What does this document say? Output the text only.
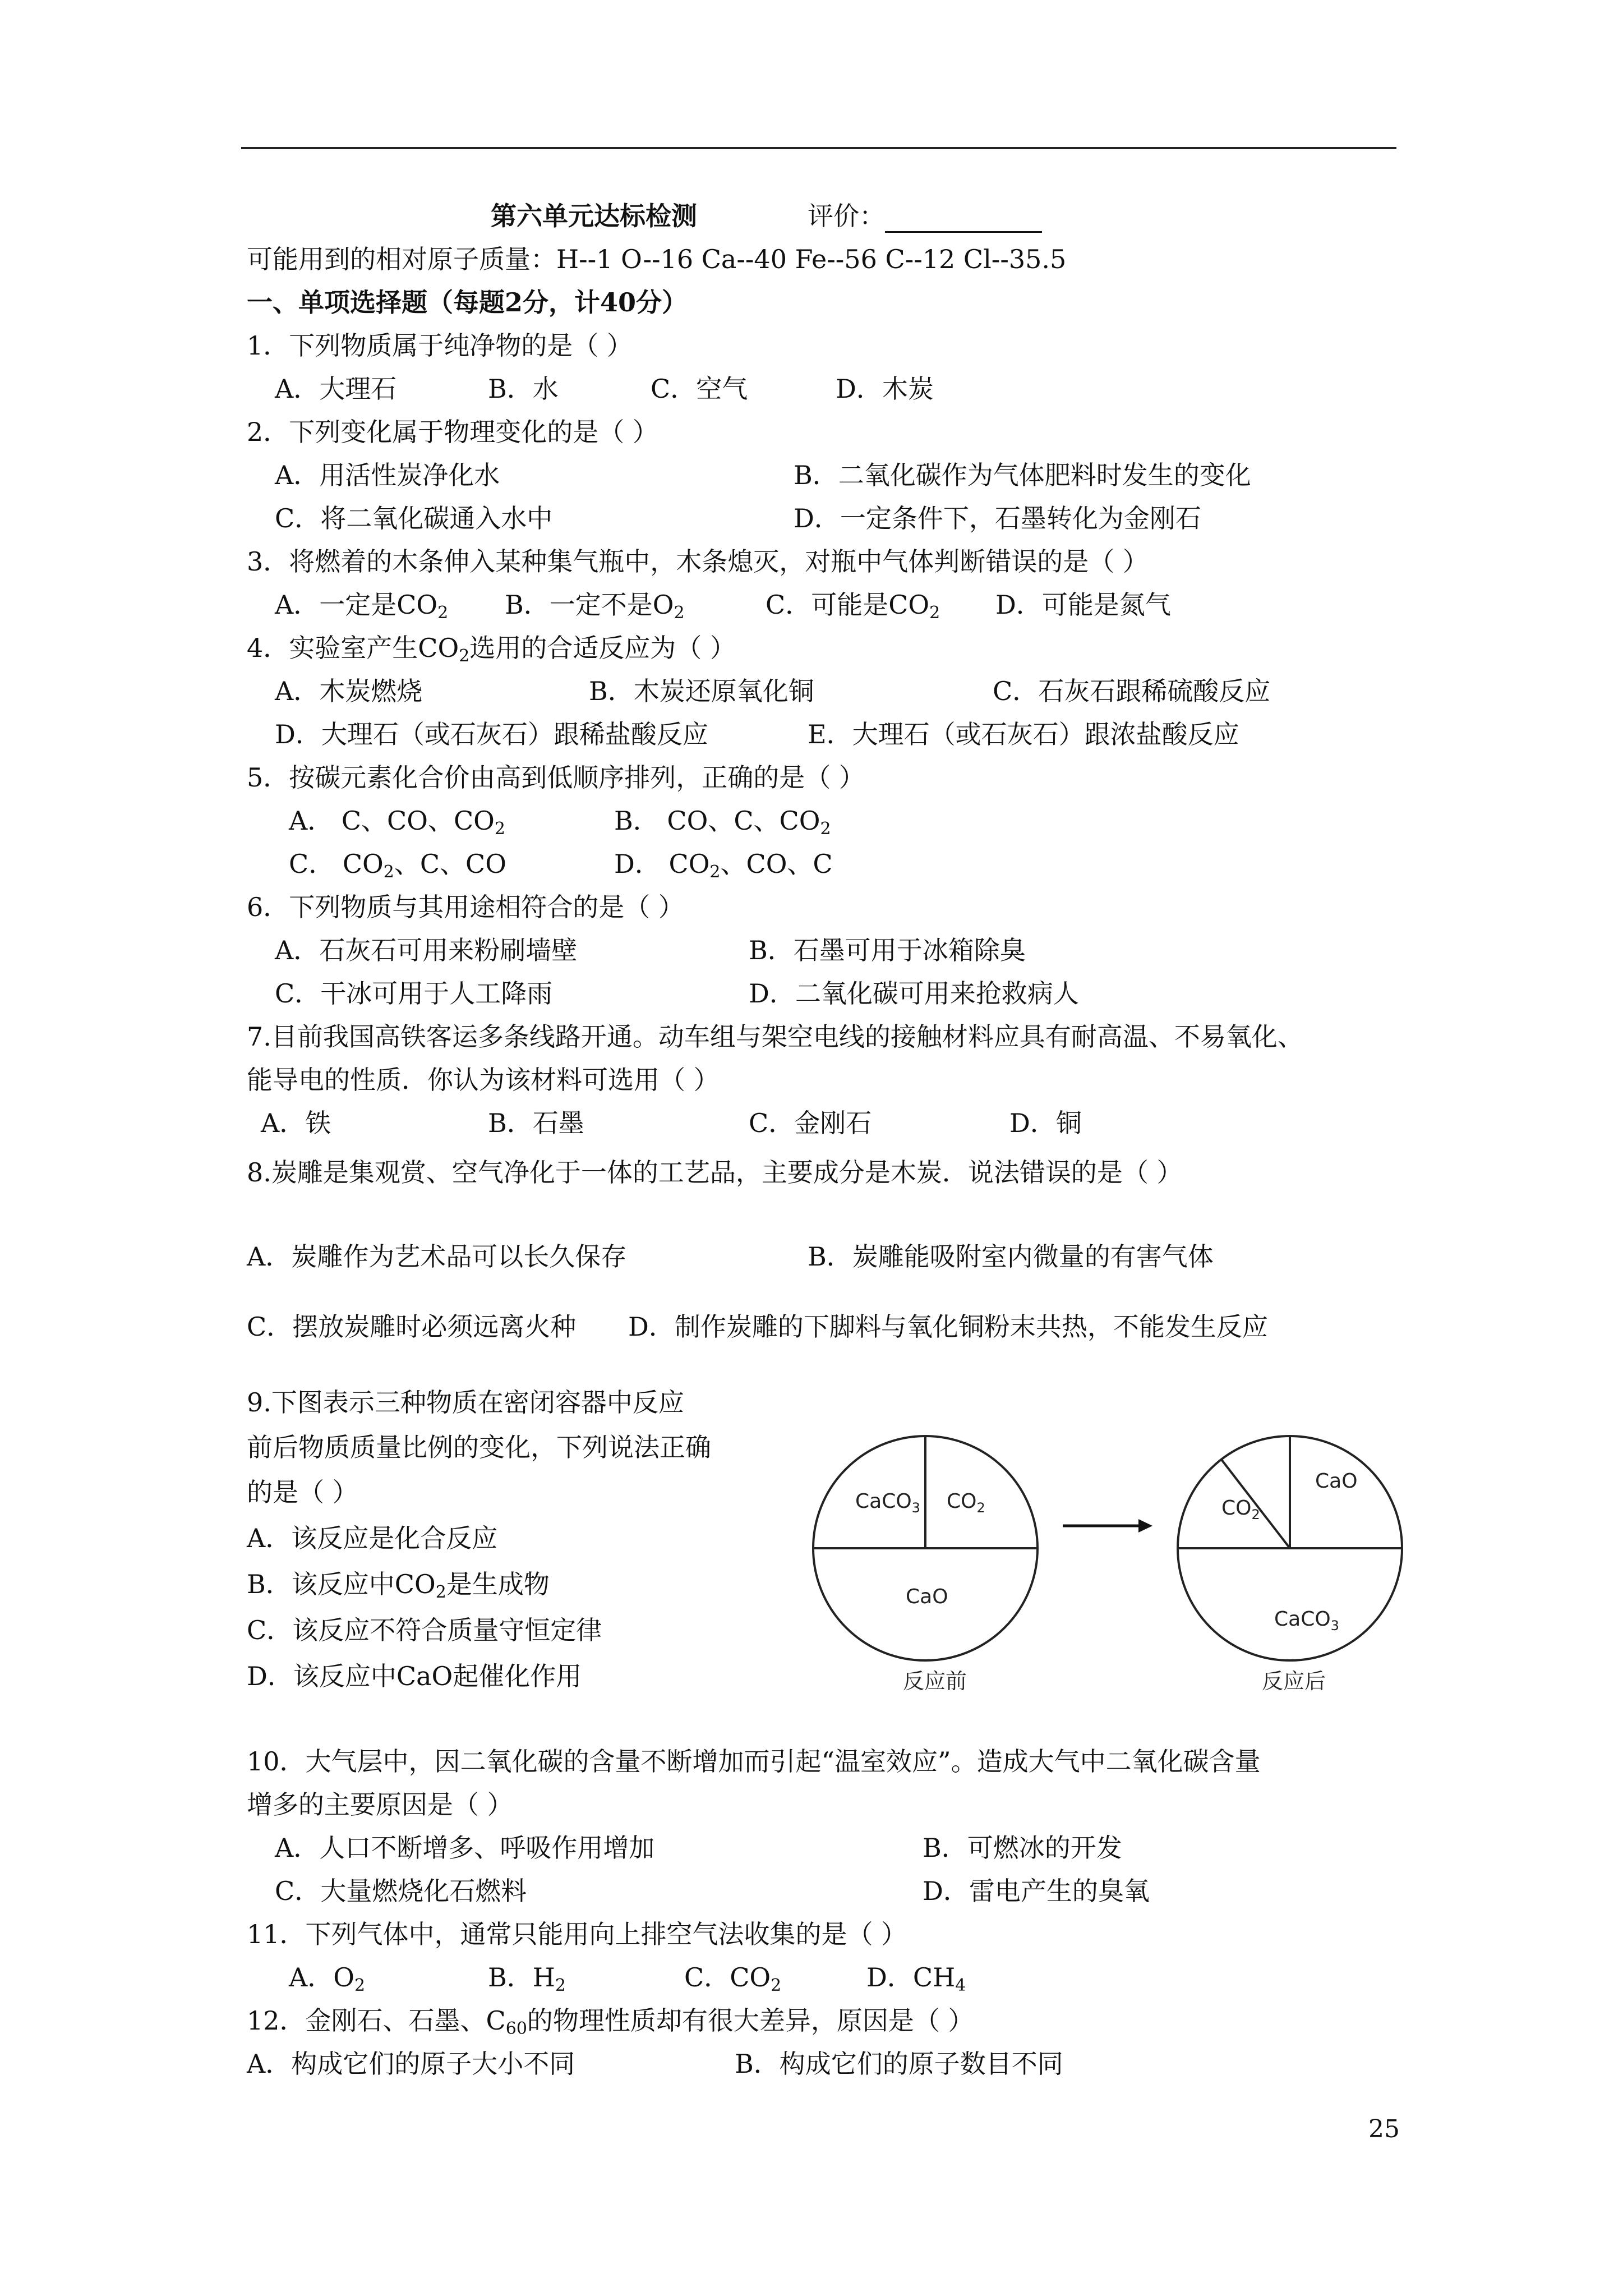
第六单元达标检测	评价：
可能用到的相对原子质量：H--1 O--16 Ca--40 Fe--56 C--12 Cl--35.5
一、单项选择题（每题2分，计40分）
1．下列物质属于纯净物的是（ ）
A．大理石	B．水	C．空气	D．木炭
2．下列变化属于物理变化的是（ ）
A．用活性炭净化水	B．二氧化碳作为气体肥料时发生的变化
C．将二氧化碳通入水中	D．一定条件下，石墨转化为金刚石
3．将燃着的木条伸入某种集气瓶中，木条熄灭，对瓶中气体判断错误的是（ ）
A．一定是$CO_2$ B．一定不是$O_2$	C．可能是$CO_2$ D．可能是氮气
4．实验室产生$CO_2$选用的合适反应为（ ）
A．木炭燃烧	B．木炭还原氧化铜	C．石灰石跟稀硫酸反应
D．大理石（或石灰石）跟稀盐酸反应	E．大理石（或石灰石）跟浓盐酸反应
5．按碳元素化合价由高到低顺序排列，正确的是（ ）
A． C、CO、$CO_2$	B． CO、C、$CO_2$
C． $CO_2$、C、CO	D． $CO_2$、CO、C
6．下列物质与其用途相符合的是（ ）
A．石灰石可用来粉刷墙壁	B．石墨可用于冰箱除臭
C．干冰可用于人工降雨	D．二氧化碳可用来抢救病人
7.目前我国高铁客运多条线路开通。动车组与架空电线的接触材料应具有耐高温、不易氧化、
能导电的性质．你认为该材料可选用（ ）
A．铁	B．石墨	C．金刚石	D．铜
8.炭雕是集观赏、空气净化于一体的工艺品，主要成分是木炭．说法错误的是（ ）
A．炭雕作为艺术品可以长久保存	B．炭雕能吸附室内微量的有害气体
C．摆放炭雕时必须远离火种 D．制作炭雕的下脚料与氧化铜粉末共热，不能发生反应
9.下图表示三种物质在密闭容器中反应
前后物质质量比例的变化，下列说法正确
的是（ ）
A．该反应是化合反应
B．该反应中$CO_2$是生成物
C．该反应不符合质量守恒定律
D．该反应中CaO起催化作用
CaCO$_3$ $CO_2$
CaO
反应前
CaO
$CO_2$
CaCO$_3$
反应后
10．大气层中，因二氧化碳的含量不断增加而引起“温室效应”。造成大气中二氧化碳含量
增多的主要原因是（ ）
A．人口不断增多、呼吸作用增加	B．可燃冰的开发
C．大量燃烧化石燃料	D．雷电产生的臭氧
11．下列气体中，通常只能用向上排空气法收集的是（ ）
A．$O_2$	B．$H_2$	C．$CO_2$	D．$CH_4$
12．金刚石、石墨、$C_{60}$的物理性质却有很大差异，原因是（ ）
A．构成它们的原子大小不同	B．构成它们的原子数目不同
25
